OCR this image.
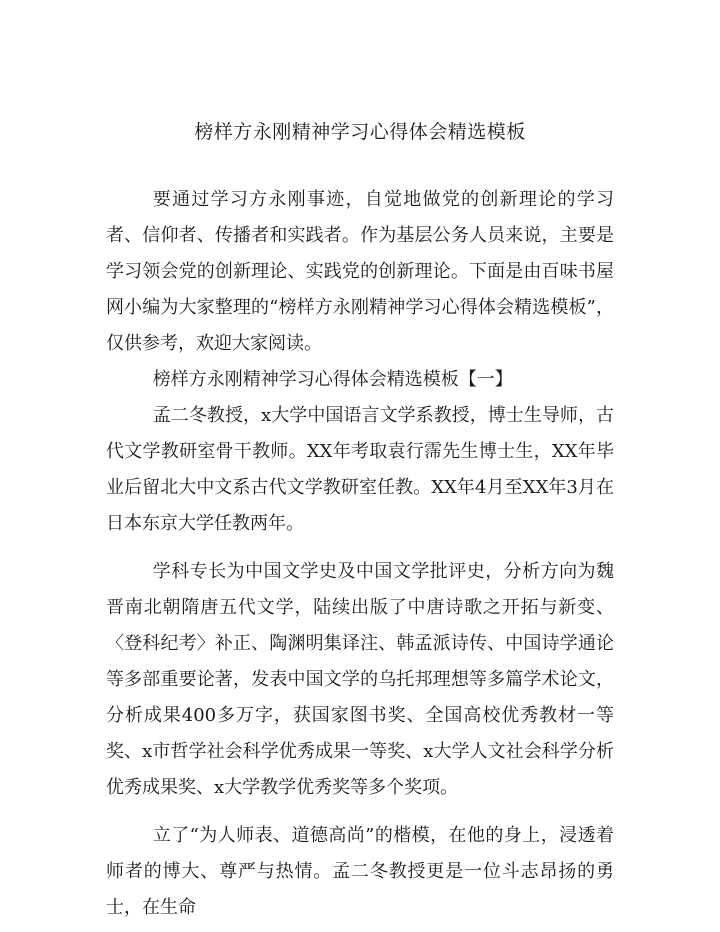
榜样方永刚精神学习心得体会精选模板

要通过学习方永刚事迹，自觉地做党的创新理论的学习者、信仰者、传播者和实践者。作为基层公务人员来说，主要是学习领会党的创新理论、实践党的创新理论。下面是由百味书屋网小编为大家整理的“榜样方永刚精神学习心得体会精选模板”，仅供参考，欢迎大家阅读。

榜样方永刚精神学习心得体会精选模板【一】

孟二冬教授，x大学中国语言文学系教授，博士生导师，古代文学教研室骨干教师。XX年考取袁行霈先生博士生，XX年毕业后留北大中文系古代文学教研室任教。XX年4月至XX年3月在日本东京大学任教两年。

学科专长为中国文学史及中国文学批评史，分析方向为魏晋南北朝隋唐五代文学，陆续出版了中唐诗歌之开拓与新变、〈登科纪考〉补正、陶渊明集译注、韩孟派诗传、中国诗学通论等多部重要论著，发表中国文学的乌托邦理想等多篇学术论文，分析成果400多万字，获国家图书奖、全国高校优秀教材一等奖、x市哲学社会科学优秀成果一等奖、x大学人文社会科学分析优秀成果奖、x大学教学优秀奖等多个奖项。

立了“为人师表、道德高尚”的楷模，在他的身上，浸透着师者的博大、尊严与热情。孟二冬教授更是一位斗志昂扬的勇士，在生命
